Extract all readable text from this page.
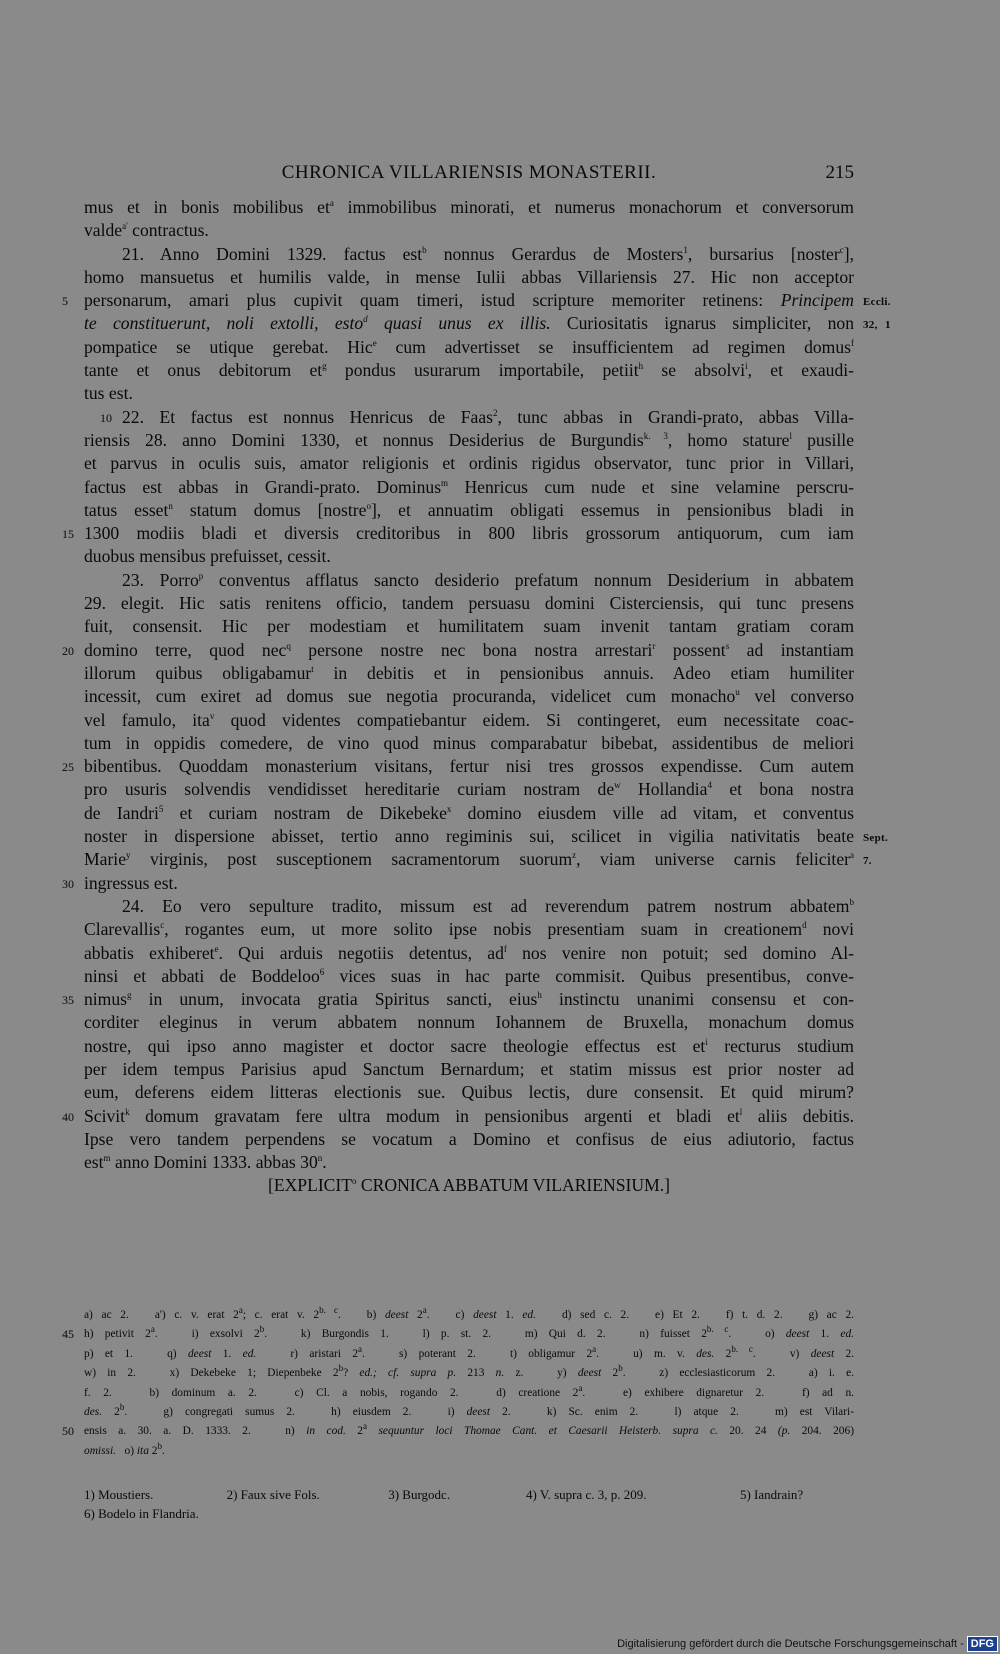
CHRONICA VILLARIENSIS MONASTERII.	215
mus et in bonis mobilibus $et^a$ immobilibus minorati, et numerus monachorum et conversorum
valde$^{a'}$ contractus.
21. Anno Domini 1329. factus est$^b$ nonnus Gerardus de Mosters$^1$, bursarius [noster$^c$],
homo mansuetus et humilis valde, in mense Iulii abbas Villariensis 27. Hic non acceptor
personarum, amari plus cupivit quam timeri, istud scripture memoriter retinens: Principem
5	Eccli. 32, 1
te constituerunt, noli extolli, esto$^d$ quasi unus ex illis. Curiositatis ignarus simpliciter, non
pompatice se utique gerebat. Hic$^e$ cum advertisset se insufficientem ad regimen domus$^f$
tante et onus debitorum $et^g$ pondus usurarum importabile, petiit$^h$ se absolvi$^i$, et exaudi-
tus est.
22. Et factus est nonnus Henricus de Faas$^2$, tunc abbas in Grandi-prato, abbas Villa-
10
riensis 28. anno Domini 1330, et nonnus Desiderius de Burgundis$^{k. 3}$, homo stature$^l$ pusille
et parvus in oculis suis, amator religionis et ordinis rigidus observator, tunc prior in Villari,
factus est abbas in Grandi-prato. Dominus$^m$ Henricus cum nude et sine velamine perscru-
tatus esset$^n$ statum domus [nostre$^o$], et annuatim obligati essemus in pensionibus bladi in
1300 modiis bladi et diversis creditoribus in 800 libris grossorum antiquorum, cum iam
15
duobus mensibus prefuisset, cessit.
23. Porro$^p$ conventus afflatus sancto desiderio prefatum nonnum Desiderium in abbatem
29. elegit. Hic satis renitens officio, tandem persuasu domini Cisterciensis, qui tunc presens
fuit, consensit. Hic per modestiam et humilitatem suam invenit tantam gratiam coram
domino terre, quod nec$^q$ persone nostre nec bona nostra arrestari$^r$ possent$^s$ ad instantiam
20
illorum quibus obligabamur$^t$ in debitis et in pensionibus annuis. Adeo etiam humiliter
incessit, cum exiret ad domus sue negotia procuranda, videlicet cum monacho$^u$ vel converso
vel famulo, ita$^v$ quod videntes compatiebantur eidem. Si contingeret, eum necessitate coac-
tum in oppidis comedere, de vino quod minus comparabatur bibebat, assidentibus de meliori
bibentibus. Quoddam monasterium visitans, fertur nisi tres grossos expendisse. Cum autem
25
pro usuris solvendis vendidisset hereditarie curiam nostram $de^w$ Hollandia$^4$ et bona nostra
de Iandri$^5$ et curiam nostram de Dikebeke$^x$ domino eiusdem ville ad vitam, et conventus
noster in dispersione abisset, tertio anno regiminis sui, scilicet in vigilia nativitatis beate Sept. 7.
Marie$^y$ virginis, post susceptionem sacramentorum suorum$^z$, viam universe carnis feliciter$^a$
ingressus est.
30
24. Eo vero sepulture tradito, missum est ad reverendum patrem nostrum abbatem$^b$
Clarevallis$^c$, rogantes eum, ut more solito ipse nobis presentiam suam in creationem$^d$ novi
abbatis exhiberet$^e$. Qui arduis negotiis detentus, $ad^f$ nos venire non potuit; sed domino Al-
ninsi et abbati de Boddeloo$^6$ vices suas in hac parte commisit. Quibus presentibus, conve-
nimus$^g$ in unum, invocata gratia Spiritus sancti, eius$^h$ instinctu unanimi consensu et con-
35
corditer eleginus in verum abbatem nonnum Iohannem de Bruxella, monachum domus
nostre, qui ipso anno magister et doctor sacre theologie effectus est $et^i$ recturus studium
per idem tempus Parisius apud Sanctum Bernardum; et statim missus est prior noster ad
eum, deferens eidem litteras electionis sue. Quibus lectis, dure consensit. Et quid mirum?
Scivit$^k$ domum gravatam fere ultra modum in pensionibus argenti et bladi $et^l$ aliis debitis.
40
Ipse vero tandem perpendens se vocatum a Domino et confisus de eius adiutorio, factus
est$^m$ anno Domini 1333. abbas 30$^n$.
[EXPLICIT$^o$ CRONICA ABBATUM VILARIENSIUM.]
a) ac 2.   a') c. v. erat 2$^a$; c. erat v. $2^{b. c}$.   b) deest 2$^a$.   c) deest 1. ed.   d) sed c. 2.   e) Et 2.   f) t. d. 2.   g) ac 2.
h) petivit 2$^a$.   i) exsolvi 2$^b$.   k) Burgondis 1.   l) p. st. 2.   m) Qui d. 2.   n) fuisset $2^{b. c}$.   o) deest 1. ed.
45
p) et 1.   q) deest 1. ed.   r) aristari 2$^a$.   s) poterant 2.   t) obligamur 2$^a$.   u) m. v. des. $2^{b. c}$.   v) deest 2.
w) in 2.   x) Dekebeke 1; Diepenbeke 2$^b$? ed.; cf. supra p. 213 n. z.   y) deest 2$^b$.   z) ecclesiasticorum 2.   a) i. e.
f. 2.   b) dominum a. 2.   c) Cl. a nobis, rogando 2.   d) creatione 2$^a$.   e) exhibere dignaretur 2.   f) ad n.
des. 2$^b$.   g) congregati sumus 2.   h) eiusdem 2.   i) deest 2.   k) Sc. enim 2.   l) atque 2.   m) est Vilari-
ensis a. 30. a. D. 1333. 2.   n) in cod. 2$^a$ sequuntur loci Thomae Cant. et Caesarii Heisterb. supra c. 20. 24 (p. 204. 206)
50
omissi.   o) ita 2$^b$.
1) Moustiers.	2) Faux sive Fols.	3) Burgodc.	4) V. supra c. 3, p. 209.	5) Iandrain?
6) Bodelo in Flandria.
Digitalisierung gefördert durch die Deutsche Forschungsgemeinschaft - DFG
